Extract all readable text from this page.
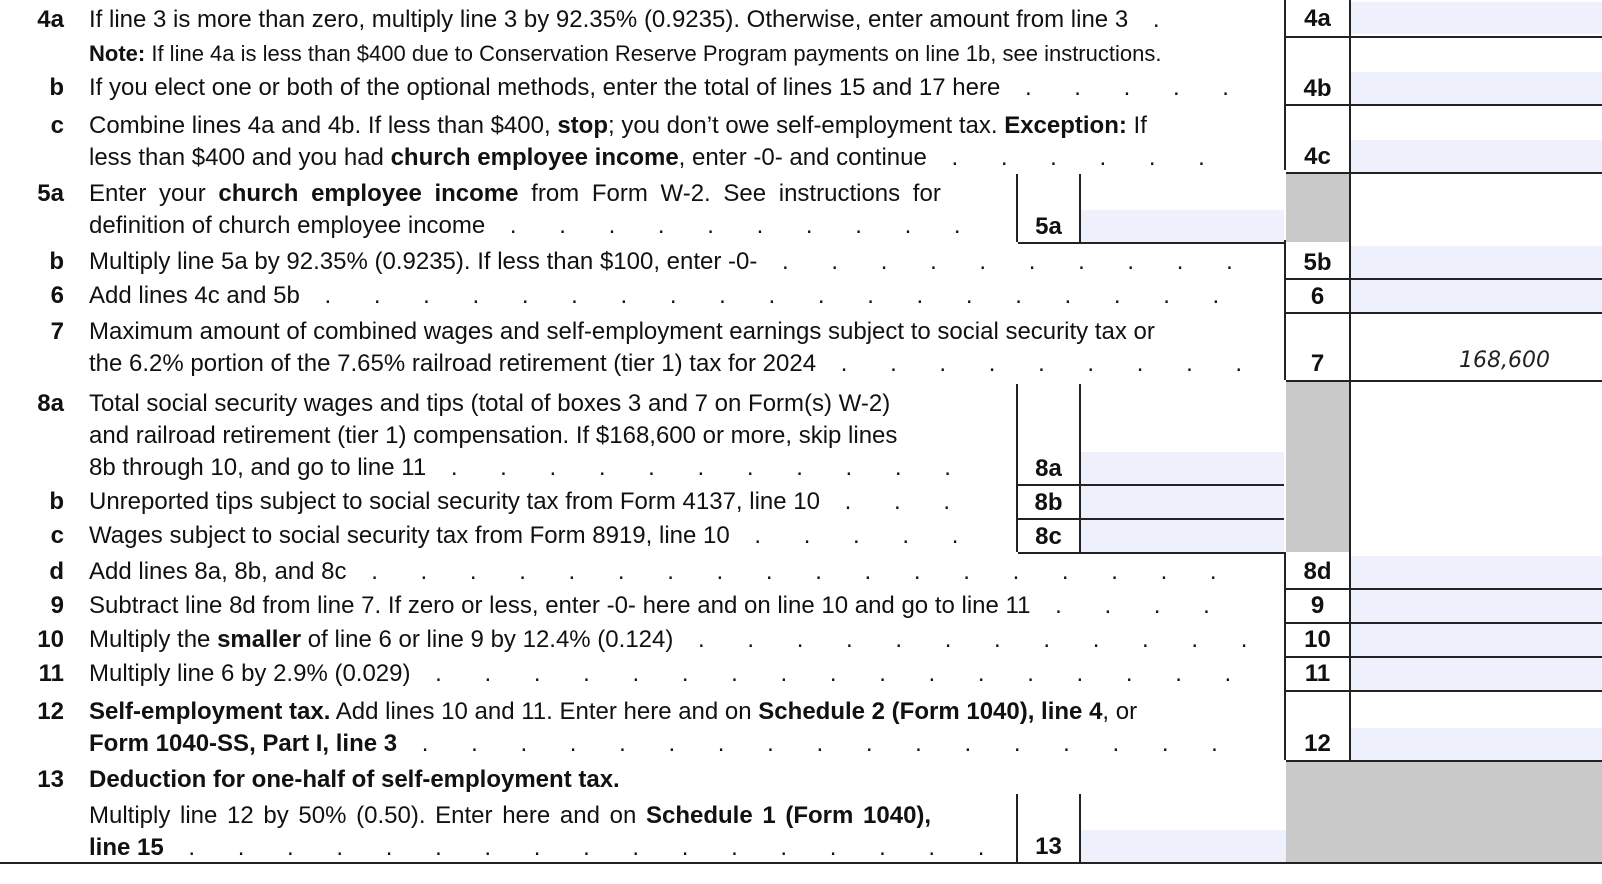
4a
4b
4c
5b
6
7
8d
9
10
11
12
168,600
5a
8a
8b
8c
13
4a If line 3 is more than zero, multiply line 3 by 92.35% (0.9235). Otherwise, enter amount from line 3 .
Note: If line 4a is less than $400 due to Conservation Reserve Program payments on line 1b, see instructions.
b If you elect one or both of the optional methods, enter the total of lines 15 and 17 here . . . . .
c Combine lines 4a and 4b. If less than $400, stop; you don’t owe self-employment tax. Exception: If
less than $400 and you had church employee income, enter -0- and continue . . . . . .
5a Enter your church employee income from Form W-2. See instructions for
definition of church employee income . . . . . . . . . .
b Multiply line 5a by 92.35% (0.9235). If less than $100, enter -0- . . . . . . . . . .
6 Add lines 4c and 5b . . . . . . . . . . . . . . . . . . .
7 Maximum amount of combined wages and self-employment earnings subject to social security tax or
the 6.2% portion of the 7.65% railroad retirement (tier 1) tax for 2024 . . . . . . . . .
8a Total social security wages and tips (total of boxes 3 and 7 on Form(s) W-2)
and railroad retirement (tier 1) compensation. If $168,600 or more, skip lines
8b through 10, and go to line 11 . . . . . . . . . . .
b Unreported tips subject to social security tax from Form 4137, line 10 . . .
c Wages subject to social security tax from Form 8919, line 10 . . . . .
d Add lines 8a, 8b, and 8c . . . . . . . . . . . . . . . . . .
9 Subtract line 8d from line 7. If zero or less, enter -0- here and on line 10 and go to line 11 . . . .
10 Multiply the smaller of line 6 or line 9 by 12.4% (0.124) . . . . . . . . . . . .
11 Multiply line 6 by 2.9% (0.029) . . . . . . . . . . . . . . . . .
12 Self-employment tax. Add lines 10 and 11. Enter here and on Schedule 2 (Form 1040), line 4, or
Form 1040-SS, Part I, line 3 . . . . . . . . . . . . . . . . .
13 Deduction for one-half of self-employment tax.
Multiply line 12 by 50% (0.50). Enter here and on Schedule 1 (Form 1040),
line 15 . . . . . . . . . . . . . . . . .
